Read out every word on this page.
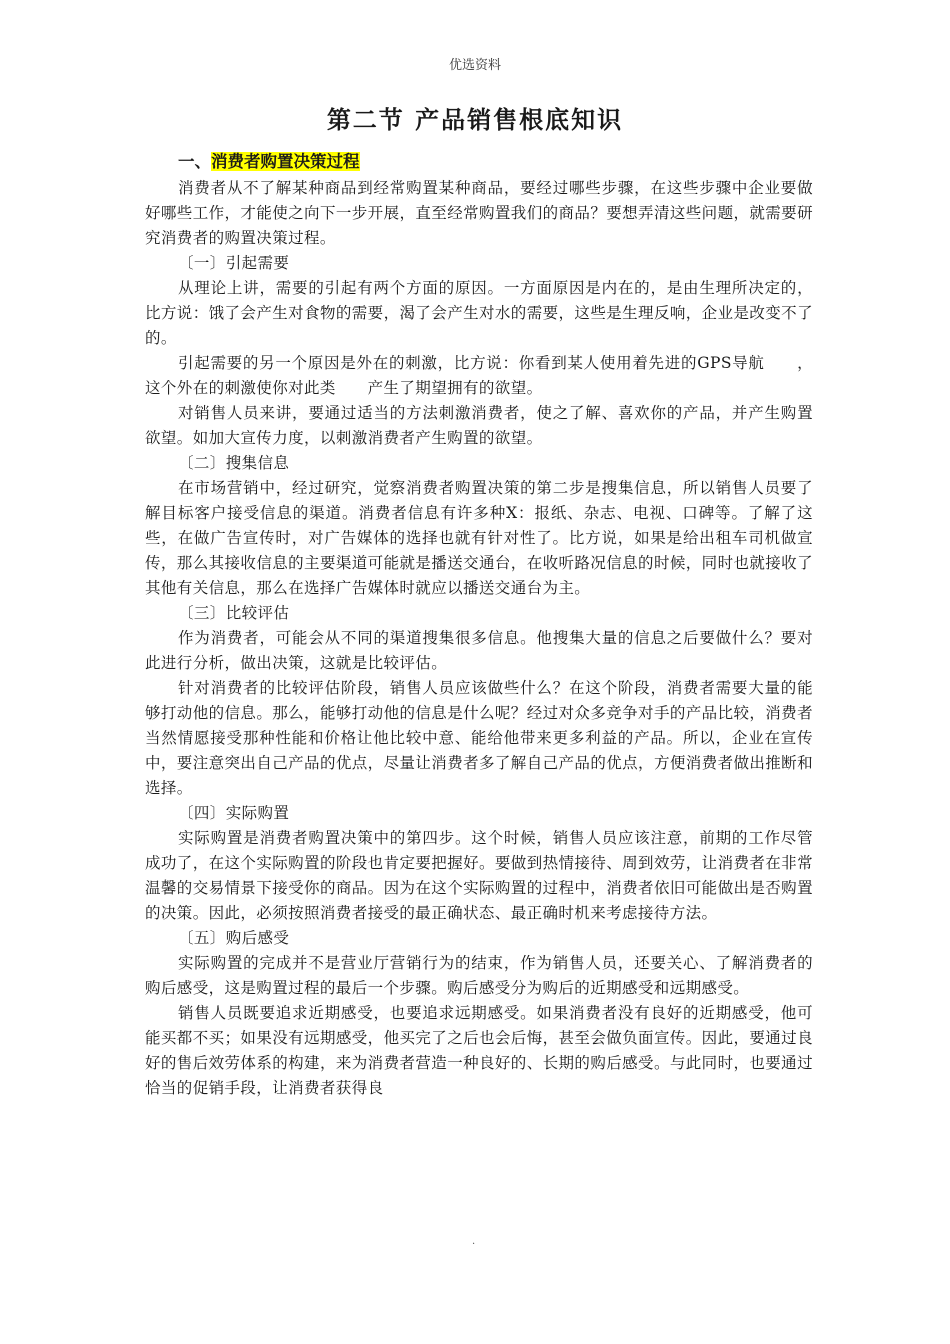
优选资料
第二节 产品销售根底知识
一、消费者购置决策过程

消费者从不了解某种商品到经常购置某种商品，要经过哪些步骤，在这些步骤中企业要做好哪些工作，才能使之向下一步开展，直至经常购置我们的商品？要想弄清这些问题，就需要研究消费者的购置决策过程。

〔一〕引起需要

从理论上讲，需要的引起有两个方面的原因。一方面原因是内在的，是由生理所决定的，比方说：饿了会产生对食物的需要，渴了会产生对水的需要，这些是生理反响，企业是改变不了的。

引起需要的另一个原因是外在的刺激，比方说：你看到某人使用着先进的GPS导航　　，这个外在的刺激使你对此类　　产生了期望拥有的欲望。

对销售人员来讲，要通过适当的方法刺激消费者，使之了解、喜欢你的产品，并产生购置欲望。如加大宣传力度，以刺激消费者产生购置的欲望。

〔二〕搜集信息

在市场营销中，经过研究，觉察消费者购置决策的第二步是搜集信息，所以销售人员要了解目标客户接受信息的渠道。消费者信息有许多种X：报纸、杂志、电视、口碑等。了解了这些，在做广告宣传时，对广告媒体的选择也就有针对性了。比方说，如果是给出租车司机做宣传，那么其接收信息的主要渠道可能就是播送交通台，在收听路况信息的时候，同时也就接收了其他有关信息，那么在选择广告媒体时就应以播送交通台为主。

〔三〕比较评估

作为消费者，可能会从不同的渠道搜集很多信息。他搜集大量的信息之后要做什么？要对此进行分析，做出决策，这就是比较评估。

针对消费者的比较评估阶段，销售人员应该做些什么？在这个阶段，消费者需要大量的能够打动他的信息。那么，能够打动他的信息是什么呢？经过对众多竞争对手的产品比较，消费者当然情愿接受那种性能和价格让他比较中意、能给他带来更多利益的产品。所以，企业在宣传中，要注意突出自己产品的优点，尽量让消费者多了解自己产品的优点，方便消费者做出推断和选择。

〔四〕实际购置

实际购置是消费者购置决策中的第四步。这个时候，销售人员应该注意，前期的工作尽管成功了，在这个实际购置的阶段也肯定要把握好。要做到热情接待、周到效劳，让消费者在非常温馨的交易情景下接受你的商品。因为在这个实际购置的过程中，消费者依旧可能做出是否购置的决策。因此，必须按照消费者接受的最正确状态、最正确时机来考虑接待方法。

〔五〕购后感受

实际购置的完成并不是营业厅营销行为的结束，作为销售人员，还要关心、了解消费者的购后感受，这是购置过程的最后一个步骤。购后感受分为购后的近期感受和远期感受。

销售人员既要追求近期感受，也要追求远期感受。如果消费者没有良好的近期感受，他可能买都不买；如果没有远期感受，他买完了之后也会后悔，甚至会做负面宣传。因此，要通过良好的售后效劳体系的构建，来为消费者营造一种良好的、长期的购后感受。与此同时，也要通过恰当的促销手段，让消费者获得良

.
